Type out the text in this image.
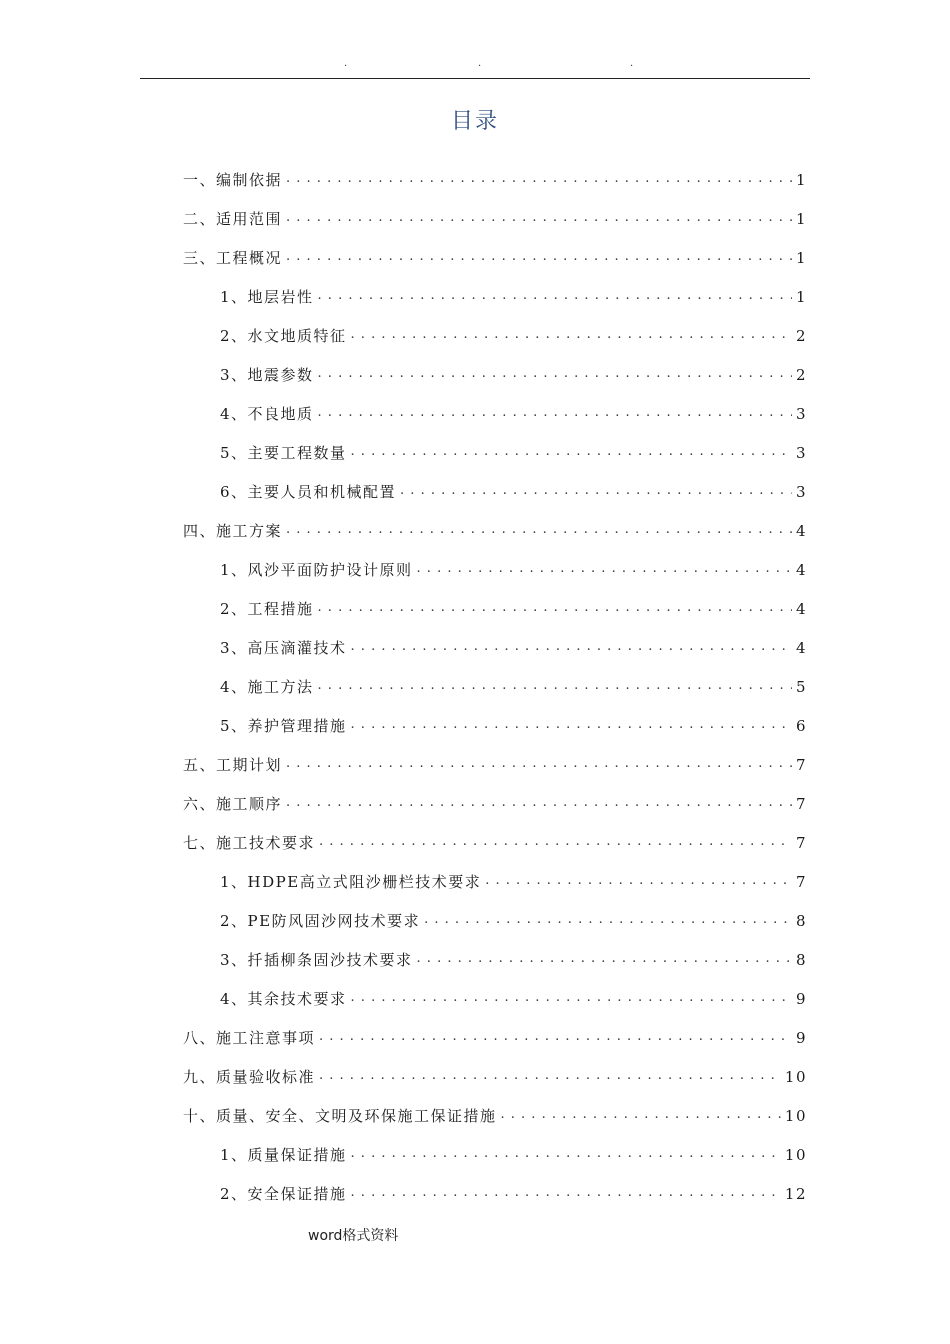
.	.	.
目录
一、编制依据 . . .	1
二、适用范围 . . .	1
三、工程概况 . . .	1
1、地层岩性 . . .	1
2、水文地质特征 . . .	2
3、地震参数 . . .	2
4、不良地质 . . .	3
5、主要工程数量 . . .	3
6、主要人员和机械配置 . . .	3
四、施工方案 . . .	4
1、风沙平面防护设计原则 . . .	4
2、工程措施 . . .	4
3、高压滴灌技术 . . .	4
4、施工方法 . . .	5
5、养护管理措施 . . .	6
五、工期计划 . . .	7
六、施工顺序 . . .	7
七、施工技术要求 . . .	7
1、HDPE高立式阻沙栅栏技术要求 . . .	7
2、PE防风固沙网技术要求 . . .	8
3、扦插柳条固沙技术要求 . . .	8
4、其余技术要求 . . .	9
八、施工注意事项 . . .	9
九、质量验收标准 . . .	10
十、质量、安全、文明及环保施工保证措施 . . .	10
1、质量保证措施 . . .	10
2、安全保证措施 . . .	12
word格式资料
